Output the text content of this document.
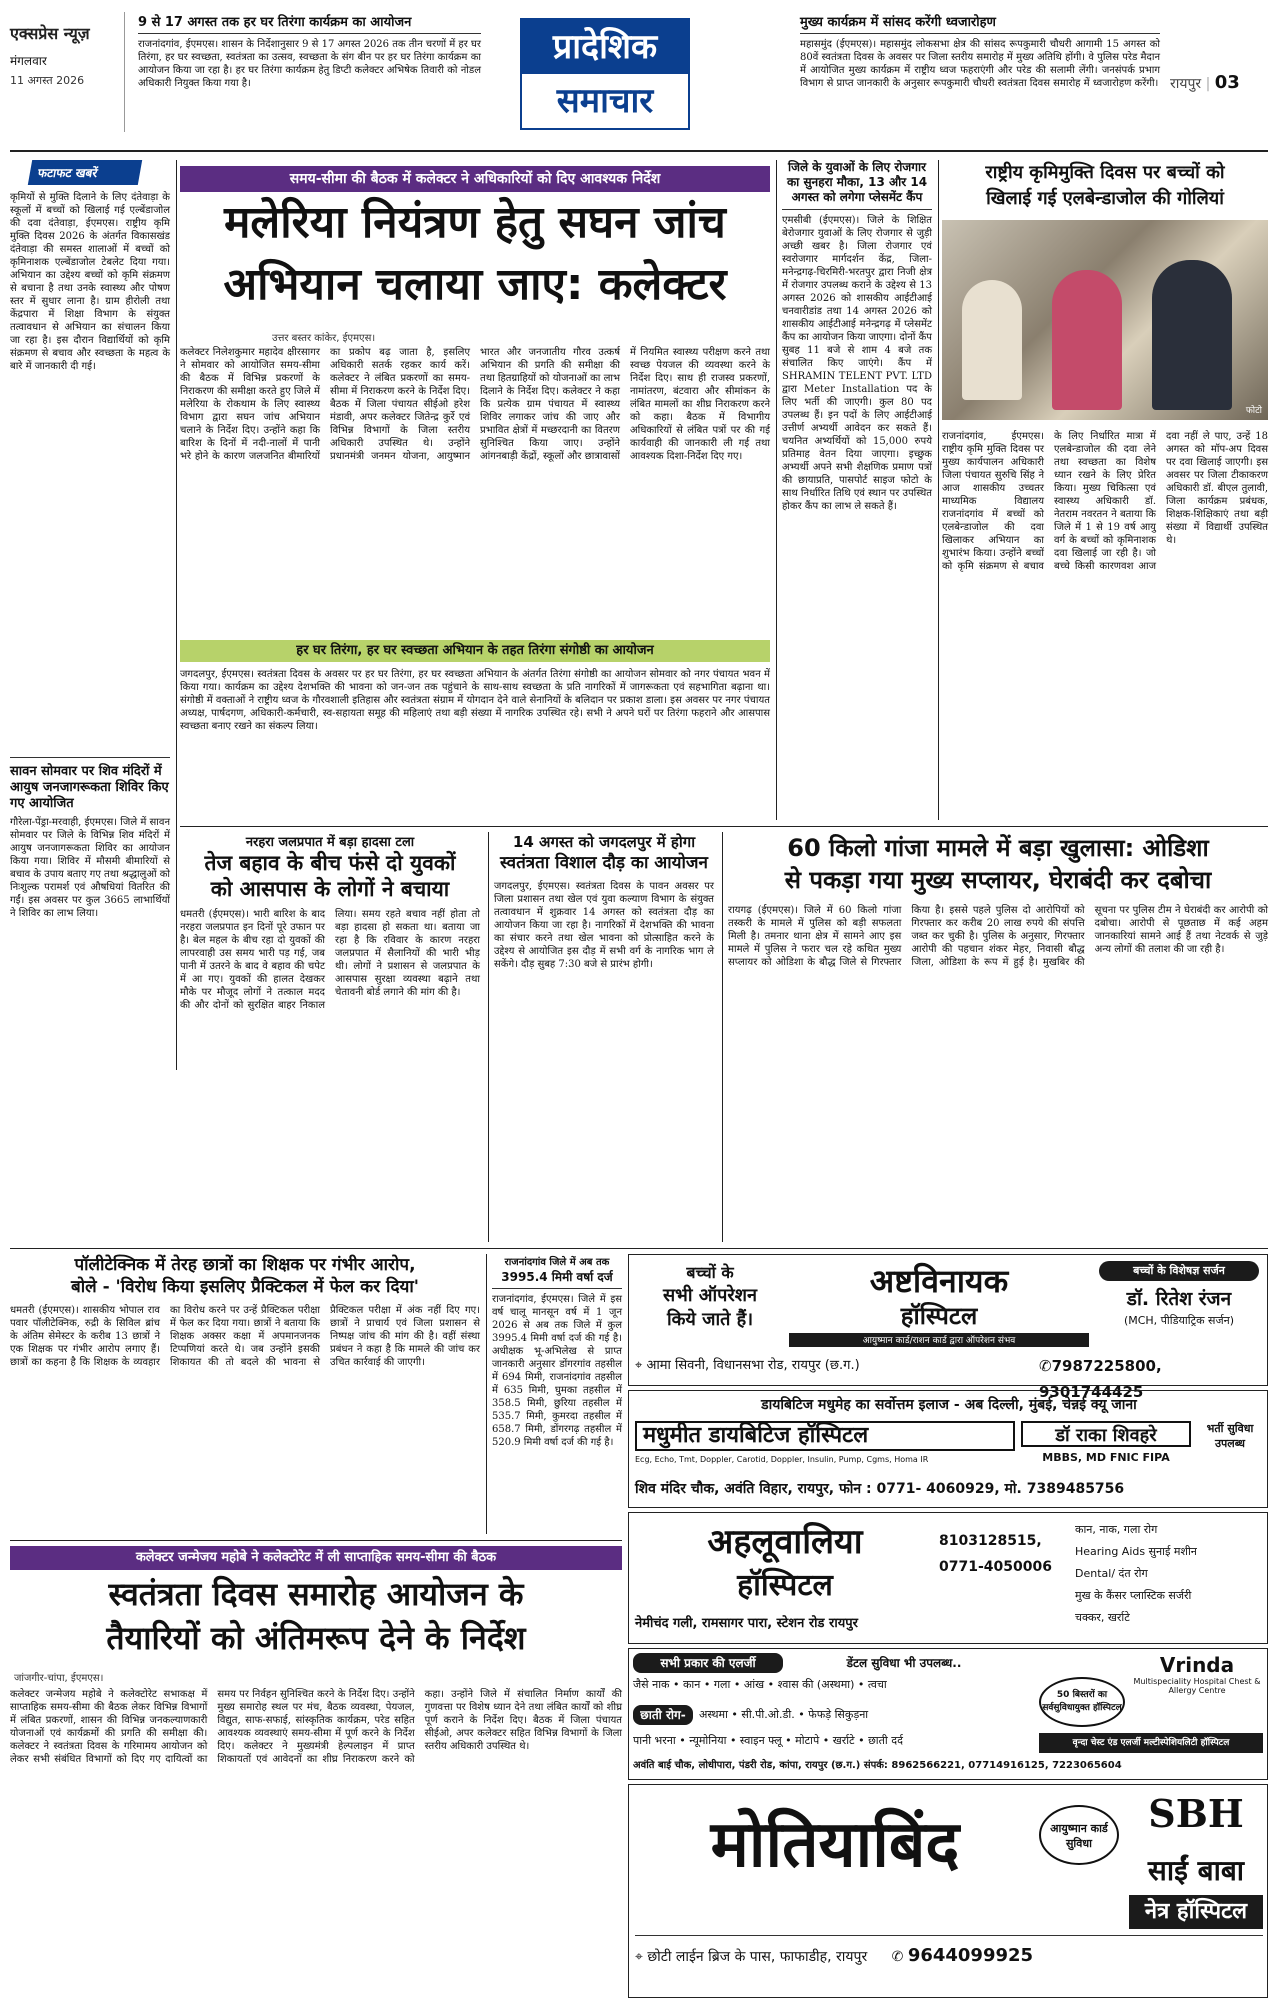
एक्सप्रेस न्यूज़
मंगलवार
11 अगस्त 2026
9 से 17 अगस्त तक हर घर तिरंगा कार्यक्रम का आयोजन
राजनांदगांव, ईएमएस। शासन के निर्देशानुसार 9 से 17 अगस्त 2026 तक तीन चरणों में हर घर तिरंगा, हर घर स्वच्छता, स्वतंत्रता का उत्सव, स्वच्छता के संग बीन पर हर घर तिरंगा कार्यक्रम का आयोजन किया जा रहा है। हर घर तिरंगा कार्यक्रम हेतु डिप्टी कलेक्टर अभिषेक तिवारी को नोडल अधिकारी नियुक्त किया गया है।
प्रादेशिक
समाचार
मुख्य कार्यक्रम में सांसद करेंगी ध्वजारोहण
महासमुंद (ईएमएस)। महासमुंद लोकसभा क्षेत्र की सांसद रूपकुमारी चौधरी आगामी 15 अगस्त को 80वें स्वतंत्रता दिवस के अवसर पर जिला स्तरीय समारोह में मुख्य अतिथि होंगी। वे पुलिस परेड मैदान में आयोजित मुख्य कार्यक्रम में राष्ट्रीय ध्वज फहराएंगी और परेड की सलामी लेंगी। जनसंपर्क प्रभाग विभाग से प्राप्त जानकारी के अनुसार रूपकुमारी चौधरी स्वतंत्रता दिवस समारोह में ध्वजारोहण करेंगी। रायपुर | 03
फटाफट खबरें
कृमियों से मुक्ति दिलाने के लिए दंतेवाड़ा के स्कूलों में बच्चों को खिलाई गई एल्बेंडाजोल की दवा दंतेवाड़ा, ईएमएस। राष्ट्रीय कृमि मुक्ति दिवस 2026 के अंतर्गत विकासखंड दंतेवाड़ा की समस्त शालाओं में बच्चों को कृमिनाशक एल्बेंडाजोल टेबलेट दिया गया। अभियान का उद्देश्य बच्चों को कृमि संक्रमण से बचाना है तथा उनके स्वास्थ्य और पोषण स्तर में सुधार लाना है। ग्राम हीरोली तथा केंद्रपारा में शिक्षा विभाग के संयुक्त तत्वावधान से अभियान का संचालन किया जा रहा है। इस दौरान विद्यार्थियों को कृमि संक्रमण से बचाव और स्वच्छता के महत्व के बारे में जानकारी दी गई।
सावन सोमवार पर शिव मंदिरों में आयुष जनजागरूकता शिविर किए गए आयोजित
गौरेला-पेंड्रा-मरवाही, ईएमएस। जिले में सावन सोमवार पर जिले के विभिन्न शिव मंदिरों में आयुष जनजागरूकता शिविर का आयोजन किया गया। शिविर में मौसमी बीमारियों से बचाव के उपाय बताए गए तथा श्रद्धालुओं को निःशुल्क परामर्श एवं औषधियां वितरित की गईं। इस अवसर पर कुल 3665 लाभार्थियों ने शिविर का लाभ लिया।
समय-सीमा की बैठक में कलेक्टर ने अधिकारियों को दिए आवश्यक निर्देश
मलेरिया नियंत्रण हेतु सघन जांच
अभियान चलाया जाए: कलेक्टर
उत्तर बस्तर कांकेर, ईएमएस।
कलेक्टर निलेशकुमार महादेव क्षीरसागर ने सोमवार को आयोजित समय-सीमा की बैठक में विभिन्न प्रकरणों के निराकरण की समीक्षा करते हुए जिले में मलेरिया के रोकथाम के लिए स्वास्थ्य विभाग द्वारा सघन जांच अभियान चलाने के निर्देश दिए। उन्होंने कहा कि बारिश के दिनों में नदी-नालों में पानी भरे होने के कारण जलजनित बीमारियों का प्रकोप बढ़ जाता है, इसलिए अधिकारी सतर्क रहकर कार्य करें। कलेक्टर ने लंबित प्रकरणों का समय-सीमा में निराकरण करने के निर्देश दिए। बैठक में जिला पंचायत सीईओ हरेश मंडावी, अपर कलेक्टर जितेन्द्र कुर्रे एवं विभिन्न विभागों के जिला स्तरीय अधिकारी उपस्थित थे। उन्होंने प्रधानमंत्री जनमन योजना, आयुष्मान भारत और जनजातीय गौरव उत्कर्ष अभियान की प्रगति की समीक्षा की तथा हितग्राहियों को योजनाओं का लाभ दिलाने के निर्देश दिए। कलेक्टर ने कहा कि प्रत्येक ग्राम पंचायत में स्वास्थ्य शिविर लगाकर जांच की जाए और प्रभावित क्षेत्रों में मच्छरदानी का वितरण सुनिश्चित किया जाए। उन्होंने आंगनबाड़ी केंद्रों, स्कूलों और छात्रावासों में नियमित स्वास्थ्य परीक्षण करने तथा स्वच्छ पेयजल की व्यवस्था करने के निर्देश दिए। साथ ही राजस्व प्रकरणों, नामांतरण, बंटवारा और सीमांकन के लंबित मामलों का शीघ्र निराकरण करने को कहा। बैठक में विभागीय अधिकारियों से लंबित पत्रों पर की गई कार्यवाही की जानकारी ली गई तथा आवश्यक दिशा-निर्देश दिए गए।
जिले के युवाओं के लिए रोजगार का सुनहरा मौका, 13 और 14 अगस्त को लगेगा प्लेसमेंट कैंप
एमसीबी (ईएमएस)। जिले के शिक्षित बेरोजगार युवाओं के लिए रोजगार से जुड़ी अच्छी खबर है। जिला रोजगार एवं स्वरोजगार मार्गदर्शन केंद्र, जिला-मनेन्द्रगढ़-चिरमिरी-भरतपुर द्वारा निजी क्षेत्र में रोजगार उपलब्ध कराने के उद्देश्य से 13 अगस्त 2026 को शासकीय आईटीआई चनवारीडांड तथा 14 अगस्त 2026 को शासकीय आईटीआई मनेन्द्रगढ़ में प्लेसमेंट कैंप का आयोजन किया जाएगा। दोनों कैंप सुबह 11 बजे से शाम 4 बजे तक संचालित किए जाएंगे। कैंप में SHRAMIN TELENT PVT. LTD द्वारा Meter Installation पद के लिए भर्ती की जाएगी। कुल 80 पद उपलब्ध हैं। इन पदों के लिए आईटीआई उत्तीर्ण अभ्यर्थी आवेदन कर सकते हैं। चयनित अभ्यर्थियों को 15,000 रुपये प्रतिमाह वेतन दिया जाएगा। इच्छुक अभ्यर्थी अपने सभी शैक्षणिक प्रमाण पत्रों की छायाप्रति, पासपोर्ट साइज फोटो के साथ निर्धारित तिथि एवं स्थान पर उपस्थित होकर कैंप का लाभ ले सकते हैं।
राष्ट्रीय कृमिमुक्ति दिवस पर बच्चों को
खिलाई गई एलबेन्डाजोल की गोलियां
फोटो
राजनांदगांव, ईएमएस। राष्ट्रीय कृमि मुक्ति दिवस पर मुख्य कार्यपालन अधिकारी जिला पंचायत सुरुचि सिंह ने आज शासकीय उच्चतर माध्यमिक विद्यालय राजनांदगांव में बच्चों को एलबेन्डाजोल की दवा खिलाकर अभियान का शुभारंभ किया। उन्होंने बच्चों को कृमि संक्रमण से बचाव के लिए निर्धारित मात्रा में एलबेन्डाजोल की दवा लेने तथा स्वच्छता का विशेष ध्यान रखने के लिए प्रेरित किया। मुख्य चिकित्सा एवं स्वास्थ्य अधिकारी डॉ. नेतराम नवरतन ने बताया कि जिले में 1 से 19 वर्ष आयु वर्ग के बच्चों को कृमिनाशक दवा खिलाई जा रही है। जो बच्चे किसी कारणवश आज दवा नहीं ले पाए, उन्हें 18 अगस्त को मॉप-अप दिवस पर दवा खिलाई जाएगी। इस अवसर पर जिला टीकाकरण अधिकारी डॉ. बीएल तुलावी, जिला कार्यक्रम प्रबंधक, शिक्षक-शिक्षिकाएं तथा बड़ी संख्या में विद्यार्थी उपस्थित थे।
हर घर तिरंगा, हर घर स्वच्छता अभियान के तहत तिरंगा संगोष्ठी का आयोजन
जगदलपुर, ईएमएस। स्वतंत्रता दिवस के अवसर पर हर घर तिरंगा, हर घर स्वच्छता अभियान के अंतर्गत तिरंगा संगोष्ठी का आयोजन सोमवार को नगर पंचायत भवन में किया गया। कार्यक्रम का उद्देश्य देशभक्ति की भावना को जन-जन तक पहुंचाने के साथ-साथ स्वच्छता के प्रति नागरिकों में जागरूकता एवं सहभागिता बढ़ाना था। संगोष्ठी में वक्ताओं ने राष्ट्रीय ध्वज के गौरवशाली इतिहास और स्वतंत्रता संग्राम में योगदान देने वाले सेनानियों के बलिदान पर प्रकाश डाला। इस अवसर पर नगर पंचायत अध्यक्ष, पार्षदगण, अधिकारी-कर्मचारी, स्व-सहायता समूह की महिलाएं तथा बड़ी संख्या में नागरिक उपस्थित रहे। सभी ने अपने घरों पर तिरंगा फहराने और आसपास स्वच्छता बनाए रखने का संकल्प लिया।
नरहरा जलप्रपात में बड़ा हादसा टला
तेज बहाव के बीच फंसे दो युवकों
को आसपास के लोगों ने बचाया
धमतरी (ईएमएस)। भारी बारिश के बाद नरहरा जलप्रपात इन दिनों पूरे उफान पर है। बेल महल के बीच रहा दो युवकों की लापरवाही उस समय भारी पड़ गई, जब पानी में उतरने के बाद वे बहाव की चपेट में आ गए। युवकों की हालत देखकर मौके पर मौजूद लोगों ने तत्काल मदद की और दोनों को सुरक्षित बाहर निकाल लिया। समय रहते बचाव नहीं होता तो बड़ा हादसा हो सकता था। बताया जा रहा है कि रविवार के कारण नरहरा जलप्रपात में सैलानियों की भारी भीड़ थी। लोगों ने प्रशासन से जलप्रपात के आसपास सुरक्षा व्यवस्था बढ़ाने तथा चेतावनी बोर्ड लगाने की मांग की है।
14 अगस्त को जगदलपुर में होगा
स्वतंत्रता विशाल दौड़ का आयोजन
जगदलपुर, ईएमएस। स्वतंत्रता दिवस के पावन अवसर पर जिला प्रशासन तथा खेल एवं युवा कल्याण विभाग के संयुक्त तत्वावधान में शुक्रवार 14 अगस्त को स्वतंत्रता दौड़ का आयोजन किया जा रहा है। नागरिकों में देशभक्ति की भावना का संचार करने तथा खेल भावना को प्रोत्साहित करने के उद्देश्य से आयोजित इस दौड़ में सभी वर्ग के नागरिक भाग ले सकेंगे। दौड़ सुबह 7:30 बजे से प्रारंभ होगी।
60 किलो गांजा मामले में बड़ा खुलासा: ओडिशा
से पकड़ा गया मुख्य सप्लायर, घेराबंदी कर दबोचा
रायगढ़ (ईएमएस)। जिले में 60 किलो गांजा तस्करी के मामले में पुलिस को बड़ी सफलता मिली है। तमनार थाना क्षेत्र में सामने आए इस मामले में पुलिस ने फरार चल रहे कथित मुख्य सप्लायर को ओडिशा के बौद्ध जिले से गिरफ्तार किया है। इससे पहले पुलिस दो आरोपियों को गिरफ्तार कर करीब 20 लाख रुपये की संपत्ति जब्त कर चुकी है। पुलिस के अनुसार, गिरफ्तार आरोपी की पहचान शंकर मेहर, निवासी बौद्ध जिला, ओडिशा के रूप में हुई है। मुखबिर की सूचना पर पुलिस टीम ने घेराबंदी कर आरोपी को दबोचा। आरोपी से पूछताछ में कई अहम जानकारियां सामने आई हैं तथा नेटवर्क से जुड़े अन्य लोगों की तलाश की जा रही है।
पॉलीटेक्निक में तेरह छात्रों का शिक्षक पर गंभीर आरोप,
बोले - 'विरोध किया इसलिए प्रैक्टिकल में फेल कर दिया'
धमतरी (ईएमएस)। शासकीय भोपाल राव पवार पॉलीटेक्निक, रुद्री के सिविल ब्रांच के अंतिम सेमेस्टर के करीब 13 छात्रों ने एक शिक्षक पर गंभीर आरोप लगाए हैं। छात्रों का कहना है कि शिक्षक के व्यवहार का विरोध करने पर उन्हें प्रैक्टिकल परीक्षा में फेल कर दिया गया। छात्रों ने बताया कि शिक्षक अक्सर कक्षा में अपमानजनक टिप्पणियां करते थे। जब उन्होंने इसकी शिकायत की तो बदले की भावना से प्रैक्टिकल परीक्षा में अंक नहीं दिए गए। छात्रों ने प्राचार्य एवं जिला प्रशासन से निष्पक्ष जांच की मांग की है। वहीं संस्था प्रबंधन ने कहा है कि मामले की जांच कर उचित कार्रवाई की जाएगी।
राजनांदगांव जिले में अब तक
3995.4 मिमी वर्षा दर्ज
राजनांदगांव, ईएमएस। जिले में इस वर्ष चालू मानसून वर्ष में 1 जून 2026 से अब तक जिले में कुल 3995.4 मिमी वर्षा दर्ज की गई है। अधीक्षक भू-अभिलेख से प्राप्त जानकारी अनुसार डोंगरगांव तहसील में 694 मिमी, राजनांदगांव तहसील में 635 मिमी, घुमका तहसील में 358.5 मिमी, छुरिया तहसील में 535.7 मिमी, कुमरदा तहसील में 658.7 मिमी, डोंगरगढ़ तहसील में 520.9 मिमी वर्षा दर्ज की गई है।
कलेक्टर जन्मेजय महोबे ने कलेक्टोरेट में ली साप्ताहिक समय-सीमा की बैठक
स्वतंत्रता दिवस समारोह आयोजन के
तैयारियों को अंतिमरूप देने के निर्देश
जांजगीर-चांपा, ईएमएस।
कलेक्टर जन्मेजय महोबे ने कलेक्टोरेट सभाकक्ष में साप्ताहिक समय-सीमा की बैठक लेकर विभिन्न विभागों में लंबित प्रकरणों, शासन की विभिन्न जनकल्याणकारी योजनाओं एवं कार्यक्रमों की प्रगति की समीक्षा की। कलेक्टर ने स्वतंत्रता दिवस के गरिमामय आयोजन को लेकर सभी संबंधित विभागों को दिए गए दायित्वों का समय पर निर्वहन सुनिश्चित करने के निर्देश दिए। उन्होंने मुख्य समारोह स्थल पर मंच, बैठक व्यवस्था, पेयजल, विद्युत, साफ-सफाई, सांस्कृतिक कार्यक्रम, परेड सहित आवश्यक व्यवस्थाएं समय-सीमा में पूर्ण करने के निर्देश दिए। कलेक्टर ने मुख्यमंत्री हेल्पलाइन में प्राप्त शिकायतों एवं आवेदनों का शीघ्र निराकरण करने को कहा। उन्होंने जिले में संचालित निर्माण कार्यों की गुणवत्ता पर विशेष ध्यान देने तथा लंबित कार्यों को शीघ्र पूर्ण कराने के निर्देश दिए। बैठक में जिला पंचायत सीईओ, अपर कलेक्टर सहित विभिन्न विभागों के जिला स्तरीय अधिकारी उपस्थित थे।
बच्चों के
सभी ऑपरेशन
किये जाते हैं।
अष्टविनायक
हॉस्पिटल
आयुष्मान कार्ड/राशन कार्ड द्वारा ऑपरेशन संभव
बच्चों के विशेषज्ञ सर्जन
डॉ. रितेश रंजन
(MCH, पीडियाट्रिक सर्जन)
⌖ आमा सिवनी, विधानसभा रोड, रायपुर (छ.ग.)	✆7987225800, 9301744425
डायबिटिज मधुमेह का सर्वोत्तम इलाज - अब दिल्ली, मुंबई, चेन्नई क्यू जाना
मधुमीत डायबिटिज हॉस्पिटल
Ecg, Echo, Tmt, Doppler, Carotid, Doppler, Insulin, Pump, Cgms, Homa IR
डॉ राका शिवहरे
MBBS, MD FNIC FIPA
भर्ती सुविधा उपलब्ध
शिव मंदिर चौक, अवंति विहार, रायपुर, फोन : 0771- 4060929, मो. 7389485756
अहलूवालिया
हॉस्पिटल
8103128515,
0771-4050006
कान, नाक, गला रोग
Hearing Aids सुनाई मशीन
Dental/ दंत रोग
मुख के कैंसर प्लास्टिक सर्जरी
चक्कर, खर्राटे
नेमीचंद गली, रामसागर पारा, स्टेशन रोड रायपुर
सभी प्रकार की एलर्जी	डेंटल सुविधा भी उपलब्ध..
जैसे नाक • कान • गला • आंख • श्वास की (अस्थमा) • त्वचा
छाती रोग-	अस्थमा • सी.पी.ओ.डी. • फेफड़े सिकुड़ना
पानी भरना • न्यूमोनिया • स्वाइन फ्लू • मोटापे • खर्राटे • छाती दर्द
50 बिस्तरों का सर्वसुविधायुक्त हॉस्पिटल
Vrinda
Multispeciality Hospital Chest & Allergy Centre
वृन्दा चेस्ट एंड एलर्जी मल्टीस्पेशियलिटी हॉस्पिटल
अवंति बाई चौक, लोधीपारा, पंडरी रोड, कांपा, रायपुर (छ.ग.) संपर्क: 8962566221, 07714916125, 7223065604
मोतियाबिंद	आयुष्मान कार्ड सुविधा
SBH
साईं बाबा
नेत्र हॉस्पिटल
⌖ छोटी लाईन ब्रिज के पास, फाफाडीह, रायपुर ✆ 9644099925
